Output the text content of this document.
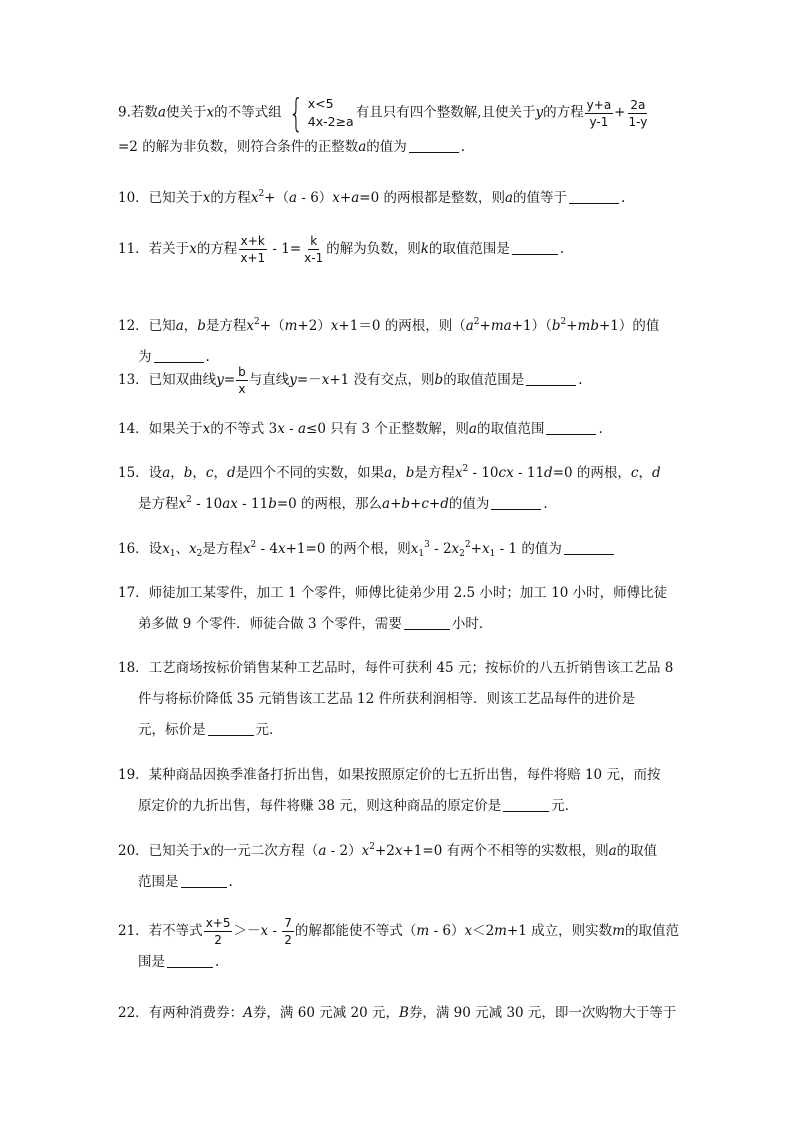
9.若数a使关于x的不等式组 { x<5
4x-2≥a
有且只有四个整数解,且使关于y的方程 $\frac{y+a}{y-1} + \frac{2a}{1-y}$
=2 的解为非负数，则符合条件的正整数a的值为	.
10．已知关于x的方程$x^2+(a - 6)x+a=0$ 的两根都是整数，则a的值等于	.
11．若关于x的方程 $\frac{x+k}{x+1} - 1= \frac{k}{x-1}$ 的解为负数，则k的取值范围是	.
12．已知a，b是方程$x^2+(m+2)x+1=0$ 的两根，则$(a^2+ma+1)(b^2+mb+1)$的值
为	.
13．已知双曲线$y= \frac{b}{x}$ 与直线y=－x+1 没有交点，则b的取值范围是	.
14．如果关于x的不等式 3x - a≤0 只有 3 个正整数解，则a的取值范围	.
15．设a，b，c，d是四个不同的实数，如果a，b是方程$x^2 - 10cx - 11d=0$ 的两根，c，d
是方程$x^2 - 10ax - 11b=0$ 的两根，那么a+b+c+d的值为	.
16．设$x_1$、$x_2$是方程$x^2 - 4x+1=0$ 的两个根，则$x_1^3 - 2x_2^2+x_1 - 1$ 的值为
17．师徒加工某零件，加工 1 个零件，师傅比徒弟少用 2.5 小时；加工 10 小时，师傅比徒
弟多做 9 个零件．师徒合做 3 个零件，需要	小时．
18．工艺商场按标价销售某种工艺品时，每件可获利 45 元；按标价的八五折销售该工艺品 8
件与将标价降低 35 元销售该工艺品 12 件所获利润相等．则该工艺品每件的进价是
元，标价是	元．
19．某种商品因换季准备打折出售，如果按照原定价的七五折出售，每件将赔 10 元，而按
原定价的九折出售，每件将赚 38 元，则这种商品的原定价是	元．
20．已知关于x的一元二次方程$(a - 2)x^2+2x+1=0$ 有两个不相等的实数根，则a的取值
范围是	.
21．若不等式 $\frac{x+5}{2} >-x - \frac{7}{2}$ 的解都能使不等式（m - 6）x＜2m+1 成立，则实数m的取值范
围是	.
22．有两种消费券：A券，满 60 元减 20 元，B券，满 90 元减 30 元，即一次购物大于等于
